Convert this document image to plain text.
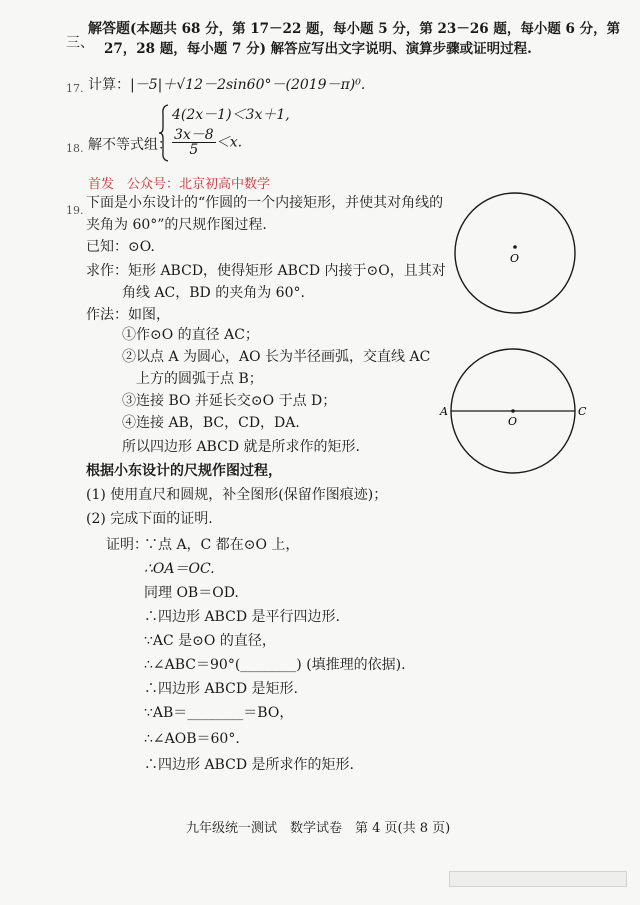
三、
解答题(本题共 68 分，第 17－22 题，每小题 5 分，第 23－26 题，每小题 6 分，第
27，28 题，每小题 7 分) 解答应写出文字说明、演算步骤或证明过程.
17. 计算：|－5|＋√12－2sin60°－(2019－π)⁰.
18. 解不等式组：
4(2x－1)＜3x＋1,
$\frac{3x-8}{5} <x$.
首发　公众号：北京初高中数学
19. 下面是小东设计的“作圆的一个内接矩形，并使其对角线的
夹角为 60°”的尺规作图过程.
已知：⊙O.
求作：矩形 ABCD，使得矩形 ABCD 内接于⊙O，且其对
角线 AC，BD 的夹角为 60°.
作法：如图，
①作⊙O 的直径 AC；
②以点 A 为圆心，AO 长为半径画弧，交直线 AC
上方的圆弧于点 B；
③连接 BO 并延长交⊙O 于点 D；
④连接 AB，BC，CD，DA.
所以四边形 ABCD 就是所求作的矩形.
根据小东设计的尺规作图过程，
(1) 使用直尺和圆规，补全图形(保留作图痕迹)；
(2) 完成下面的证明.
证明：
∵点 A，C 都在⊙O 上，
∴OA＝OC.
同理 OB＝OD.
∴四边形 ABCD 是平行四边形.
∵AC 是⊙O 的直径，
∴∠ABC＝90°(________) (填推理的依据).
∴四边形 ABCD 是矩形.
∵AB＝________＝BO，
∴∠AOB＝60°.
∴四边形 ABCD 是所求作的矩形.
O
O
A	C
九年级统一测试　数学试卷　第 4 页(共 8 页)
